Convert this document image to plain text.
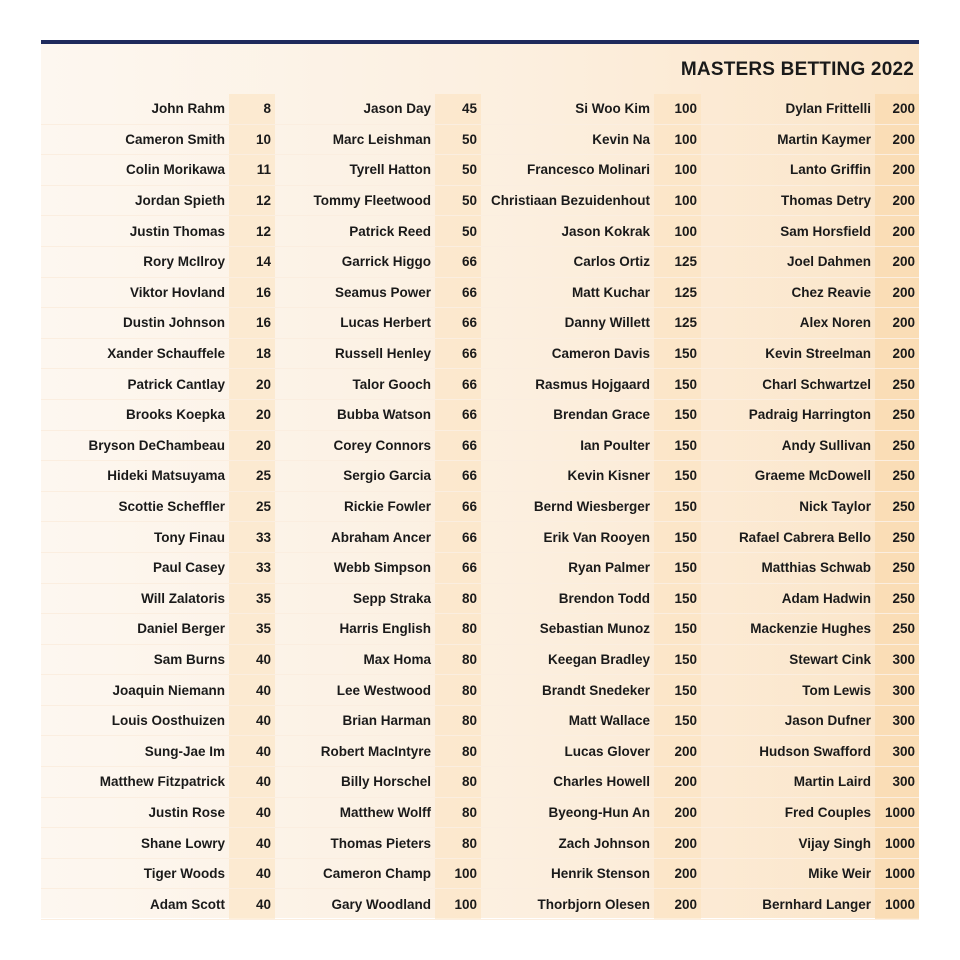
MASTERS BETTING 2022
John Rahm	8	Jason Day	45	Si Woo Kim	100	Dylan Frittelli	200
Cameron Smith	10	Marc Leishman	50	Kevin Na	100	Martin Kaymer	200
Colin Morikawa	11	Tyrell Hatton	50	Francesco Molinari	100	Lanto Griffin	200
Jordan Spieth	12	Tommy Fleetwood	50	Christiaan Bezuidenhout	100	Thomas Detry	200
Justin Thomas	12	Patrick Reed	50	Jason Kokrak	100	Sam Horsfield	200
Rory McIlroy	14	Garrick Higgo	66	Carlos Ortiz	125	Joel Dahmen	200
Viktor Hovland	16	Seamus Power	66	Matt Kuchar	125	Chez Reavie	200
Dustin Johnson	16	Lucas Herbert	66	Danny Willett	125	Alex Noren	200
Xander Schauffele	18	Russell Henley	66	Cameron Davis	150	Kevin Streelman	200
Patrick Cantlay	20	Talor Gooch	66	Rasmus Hojgaard	150	Charl Schwartzel	250
Brooks Koepka	20	Bubba Watson	66	Brendan Grace	150	Padraig Harrington	250
Bryson DeChambeau	20	Corey Connors	66	Ian Poulter	150	Andy Sullivan	250
Hideki Matsuyama	25	Sergio Garcia	66	Kevin Kisner	150	Graeme McDowell	250
Scottie Scheffler	25	Rickie Fowler	66	Bernd Wiesberger	150	Nick Taylor	250
Tony Finau	33	Abraham Ancer	66	Erik Van Rooyen	150	Rafael Cabrera Bello	250
Paul Casey	33	Webb Simpson	66	Ryan Palmer	150	Matthias Schwab	250
Will Zalatoris	35	Sepp Straka	80	Brendon Todd	150	Adam Hadwin	250
Daniel Berger	35	Harris English	80	Sebastian Munoz	150	Mackenzie Hughes	250
Sam Burns	40	Max Homa	80	Keegan Bradley	150	Stewart Cink	300
Joaquin Niemann	40	Lee Westwood	80	Brandt Snedeker	150	Tom Lewis	300
Louis Oosthuizen	40	Brian Harman	80	Matt Wallace	150	Jason Dufner	300
Sung-Jae Im	40	Robert MacIntyre	80	Lucas Glover	200	Hudson Swafford	300
Matthew Fitzpatrick	40	Billy Horschel	80	Charles Howell	200	Martin Laird	300
Justin Rose	40	Matthew Wolff	80	Byeong-Hun An	200	Fred Couples	1000
Shane Lowry	40	Thomas Pieters	80	Zach Johnson	200	Vijay Singh	1000
Tiger Woods	40	Cameron Champ	100	Henrik Stenson	200	Mike Weir	1000
Adam Scott	40	Gary Woodland	100	Thorbjorn Olesen	200	Bernhard Langer	1000
